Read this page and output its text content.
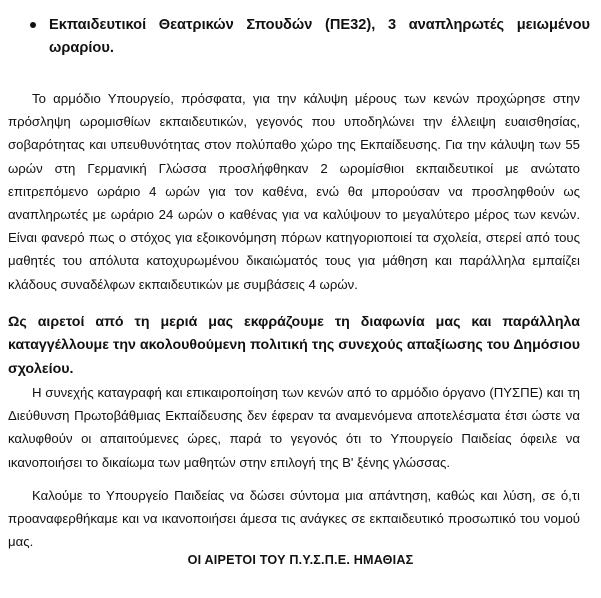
Εκπαιδευτικοί Θεατρικών Σπουδών (ΠΕ32), 3 αναπληρωτές μειωμένου ωραρίου.
Το αρμόδιο Υπουργείο, πρόσφατα, για την κάλυψη μέρους των κενών προχώρησε στην πρόσληψη ωρομισθίων εκπαιδευτικών, γεγονός που υποδηλώνει την έλλειψη ευαισθησίας, σοβαρότητας και υπευθυνότητας στον πολύπαθο χώρο της Εκπαίδευσης. Για την κάλυψη των 55 ωρών στη Γερμανική Γλώσσα προσλήφθηκαν 2 ωρομίσθιοι εκπαιδευτικοί με ανώτατο επιτρεπόμενο ωράριο 4 ωρών για τον καθένα, ενώ θα μπορούσαν να προσληφθούν ως αναπληρωτές με ωράριο 24 ωρών ο καθένας για να καλύψουν το μεγαλύτερο μέρος των κενών. Είναι φανερό πως ο στόχος για εξοικονόμηση πόρων κατηγοριοποιεί τα σχολεία, στερεί από τους μαθητές του απόλυτα κατοχυρωμένου δικαιώματός τους για μάθηση και παράλληλα εμπαίζει κλάδους συναδέλφων εκπαιδευτικών με συμβάσεις 4 ωρών.
Ως αιρετοί από τη μεριά μας εκφράζουμε τη διαφωνία μας και παράλληλα καταγγέλλουμε την ακολουθούμενη πολιτική της συνεχούς απαξίωσης του Δημόσιου σχολείου.
Η συνεχής καταγραφή και επικαιροποίηση των κενών από το αρμόδιο όργανο (ΠΥΣΠΕ) και τη Διεύθυνση Πρωτοβάθμιας Εκπαίδευσης δεν έφεραν τα αναμενόμενα αποτελέσματα έτσι ώστε να καλυφθούν οι απαιτούμενες ώρες, παρά το γεγονός ότι το Υπουργείο Παιδείας όφειλε να ικανοποιήσει το δικαίωμα των μαθητών στην επιλογή της Β' ξένης γλώσσας.
Καλούμε το Υπουργείο Παιδείας να δώσει σύντομα μια απάντηση, καθώς και λύση, σε ό,τι προαναφερθήκαμε και να ικανοποιήσει άμεσα τις ανάγκες σε εκπαιδευτικό προσωπικό του νομού μας.
ΟΙ ΑΙΡΕΤΟΙ ΤΟΥ Π.Υ.Σ.Π.Ε. ΗΜΑΘΙΑΣ
